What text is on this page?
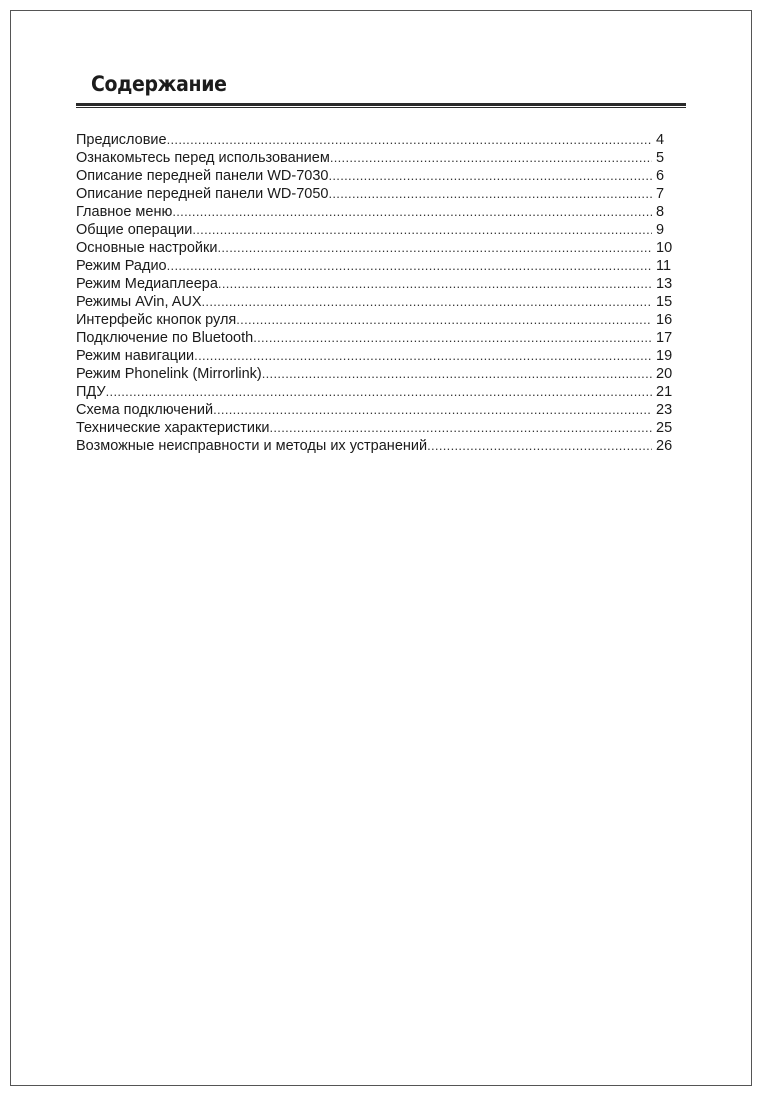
Содержание
Предисловие .....	4
Ознакомьтесь перед использованием .....	5
Описание передней панели WD-7030 .....	6
Описание передней панели WD-7050 .....	7
Главное меню .....	8
Общие операции .....	9
Основные настройки .....	10
Режим Радио .....	11
Режим Медиаплеера .....	13
Режимы AVin, AUX .....	15
Интерфейс кнопок руля .....	16
Подключение по Bluetooth .....	17
Режим навигации .....	19
Режим Phonelink (Mirrorlink) .....	20
ПДУ .....	21
Схема подключений .....	23
Технические характеристики .....	25
Возможные неисправности и методы их устранений .....	26
